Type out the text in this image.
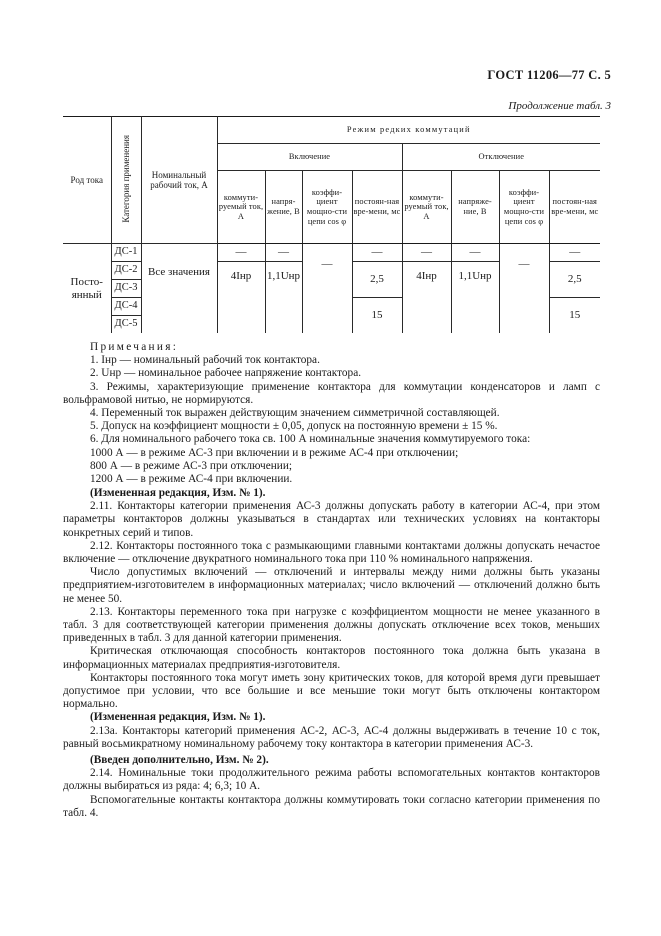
ГОСТ 11206—77 С. 5
Продолжение табл. 3
Род тока	Категория применения	Номинальный рабочий ток, А	Режим редких коммутаций							
			Включение				Отключение			
			коммути-руемый ток, А	напря-жение, В	коэффи-циент мощно-сти цепи cos φ	постоян-ная вре-мени, мс	коммути-руемый ток, А	напряже-ние, В	коэффи-циент мощно-сти цепи cos φ	постоян-ная вре-мени, мс
Посто-янный	ДС-1	Все значения	—	—	—	—	—	—	—	—
	ДС-2		4Iнр	1,1Uнр		2,5	4Iнр	1,1Uнр		2,5
	ДС-3									
	ДС-4					15				15
	ДС-5									

Примечания:

1. Iнр — номинальный рабочий ток контактора.

2. Uнр — номинальное рабочее напряжение контактора.

3. Режимы, характеризующие применение контактора для коммутации конденсаторов и ламп с вольфрамовой нитью, не нормируются.

4. Переменный ток выражен действующим значением симметричной составляющей.

5. Допуск на коэффициент мощности ± 0,05, допуск на постоянную времени ± 15 %.

6. Для номинального рабочего тока св. 100 А номинальные значения коммутируемого тока:

1000 А — в режиме АС-3 при включении и в режиме АС-4 при отключении;

800 А — в режиме АС-3 при отключении;

1200 А — в режиме АС-4 при включении.

(Измененная редакция, Изм. № 1).

2.11. Контакторы категории применения АС-3 должны допускать работу в категории АС-4, при этом параметры контакторов должны указываться в стандартах или технических условиях на контакторы конкретных серий и типов.

2.12. Контакторы постоянного тока с размыкающими главными контактами должны допускать нечастое включение — отключение двукратного номинального тока при 110 % номинального напряжения.

Число допустимых включений — отключений и интервалы между ними должны быть указаны предприятием-изготовителем в информационных материалах; число включений — отключений должно быть не менее 50.

2.13. Контакторы переменного тока при нагрузке с коэффициентом мощности не менее указанного в табл. 3 для соответствующей категории применения должны допускать отключение всех токов, меньших приведенных в табл. 3 для данной категории применения.

Критическая отключающая способность контакторов постоянного тока должна быть указана в информационных материалах предприятия-изготовителя.

Контакторы постоянного тока могут иметь зону критических токов, для которой время дуги превышает допустимое при условии, что все большие и все меньшие токи могут быть отключены контактором нормально.

(Измененная редакция, Изм. № 1).

2.13а. Контакторы категорий применения АС-2, АС-3, АС-4 должны выдерживать в течение 10 с ток, равный восьмикратному номинальному рабочему току контактора в категории применения АС-3.

(Введен дополнительно, Изм. № 2).

2.14. Номинальные токи продолжительного режима работы вспомогательных контактов контакторов должны выбираться из ряда: 4; 6,3; 10 А.

Вспомогательные контакты контактора должны коммутировать токи согласно категории применения по табл. 4.
